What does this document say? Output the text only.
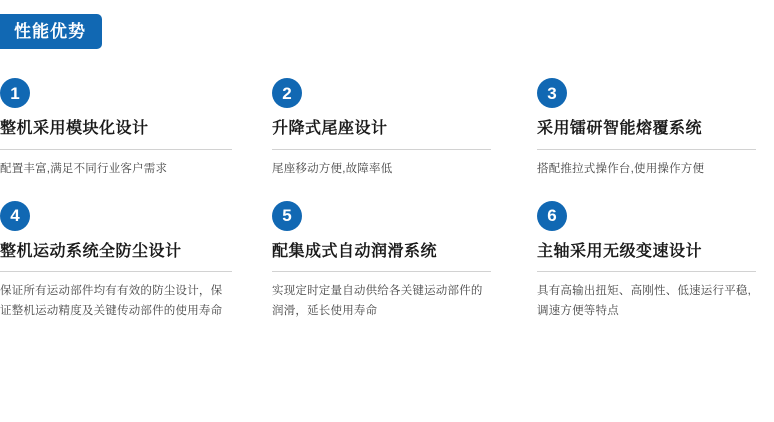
性能优势
1
整机采用模块化设计
配置丰富,满足不同行业客户需求
2
升降式尾座设计
尾座移动方便,故障率低
3
采用镭研智能熔覆系统
搭配推拉式操作台,使用操作方便
4
整机运动系统全防尘设计
保证所有运动部件均有有效的防尘设计，保证整机运动精度及关键传动部件的使用寿命
5
配集成式自动润滑系统
实现定时定量自动供给各关键运动部件的润滑，延长使用寿命
6
主轴采用无级变速设计
具有高输出扭矩、高刚性、低速运行平稳,调速方便等特点
